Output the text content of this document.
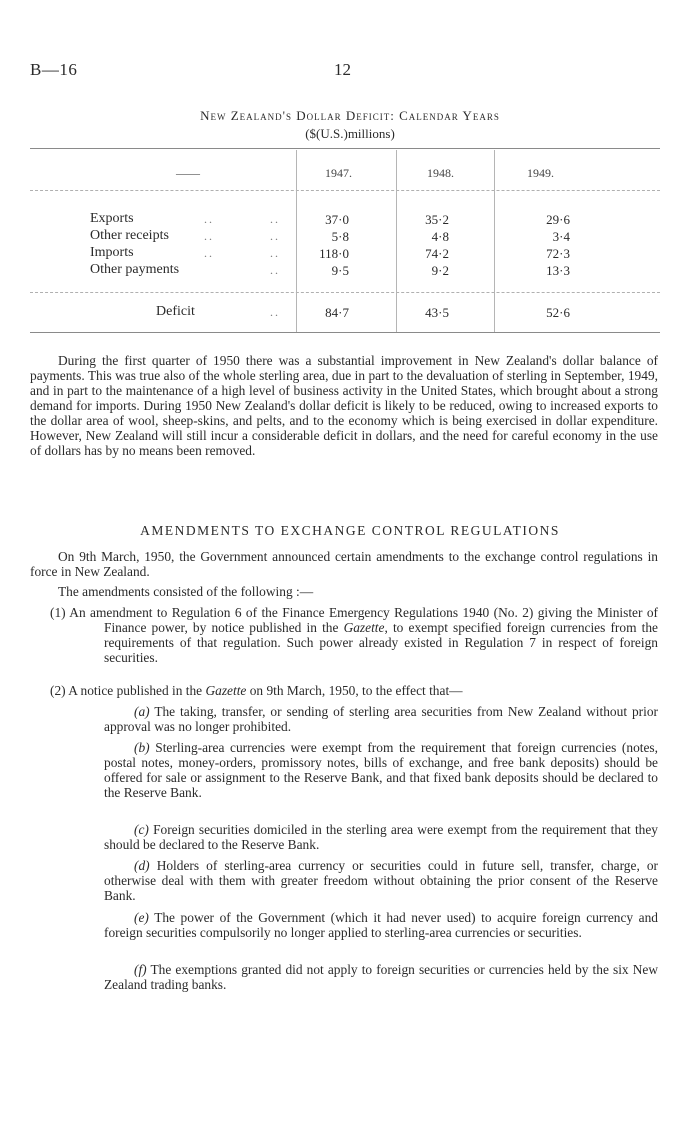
B—16	12
New Zealand's Dollar Deficit: Calendar Years
($(U.S.)millions)
——	1947.	1948.	1949.
Exports	..	..	37·0	35·2	29·6
Other receipts	..	..	5·8	4·8	3·4
Imports	..	..	118·0	74·2	72·3
Other payments	..	9·5	9·2	13·3
Deficit	..	84·7	43·5	52·6
During the first quarter of 1950 there was a substantial improvement in New Zealand's dollar balance of payments. This was true also of the whole sterling area, due in part to the devaluation of sterling in September, 1949, and in part to the maintenance of a high level of business activity in the United States, which brought about a strong demand for imports. During 1950 New Zealand's dollar deficit is likely to be reduced, owing to increased exports to the dollar area of wool, sheep-skins, and pelts, and to the economy which is being exercised in dollar expenditure. However, New Zealand will still incur a considerable deficit in dollars, and the need for careful economy in the use of dollars has by no means been removed.
AMENDMENTS TO EXCHANGE CONTROL REGULATIONS
On 9th March, 1950, the Government announced certain amendments to the exchange control regulations in force in New Zealand.
The amendments consisted of the following :—
(1) An amendment to Regulation 6 of the Finance Emergency Regulations 1940 (No. 2) giving the Minister of Finance power, by notice published in the Gazette, to exempt specified foreign currencies from the requirements of that regulation. Such power already existed in Regulation 7 in respect of foreign securities.
(2) A notice published in the Gazette on 9th March, 1950, to the effect that—
(a) The taking, transfer, or sending of sterling area securities from New Zealand without prior approval was no longer prohibited.
(b) Sterling-area currencies were exempt from the requirement that foreign currencies (notes, postal notes, money-orders, promissory notes, bills of exchange, and free bank deposits) should be offered for sale or assignment to the Reserve Bank, and that fixed bank deposits should be declared to the Reserve Bank.
(c) Foreign securities domiciled in the sterling area were exempt from the requirement that they should be declared to the Reserve Bank.
(d) Holders of sterling-area currency or securities could in future sell, transfer, charge, or otherwise deal with them with greater freedom without obtaining the prior consent of the Reserve Bank.
(e) The power of the Government (which it had never used) to acquire foreign currency and foreign securities compulsorily no longer applied to sterling-area currencies or securities.
(f) The exemptions granted did not apply to foreign securities or currencies held by the six New Zealand trading banks.
